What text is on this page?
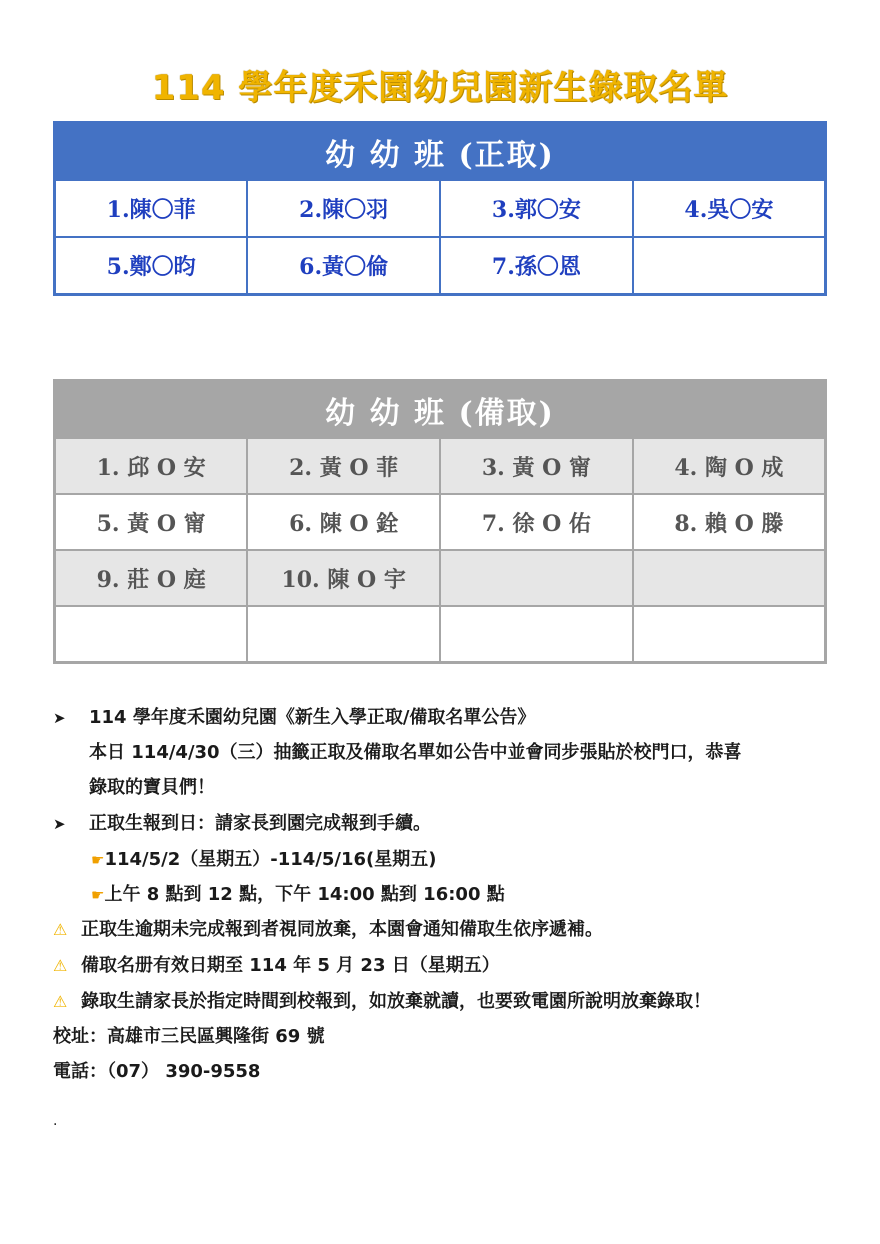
114 學年度禾園幼兒園新生錄取名單
幼 幼 班 (正取)			
1.陳〇菲	2.陳〇羽	3.郭〇安	4.吳〇安
5.鄭〇昀	6.黃〇倫	7.孫〇恩	
幼 幼 班 (備取)			
1. 邱 O 安	2. 黃 O 菲	3. 黃 O 甯	4. 陶 O 成
5. 黃 O 甯	6. 陳 O 銓	7. 徐 O 佑	8. 賴 O 滕
9. 莊 O 庭	10. 陳 O 宇		

➤ 114 學年度禾園幼兒園《新生入學正取/備取名單公告》
本日 114/4/30（三）抽籤正取及備取名單如公告中並會同步張貼於校門口，恭喜
錄取的寶貝們！
➤ 正取生報到日：請家長到園完成報到手續。
☛114/5/2（星期五）-114/5/16(星期五)
☛上午 8 點到 12 點，下午 14:00 點到 16:00 點
⚠ 正取生逾期未完成報到者視同放棄，本園會通知備取生依序遞補。
⚠ 備取名册有效日期至 114 年 5 月 23 日（星期五）
⚠ 錄取生請家長於指定時間到校報到，如放棄就讀，也要致電園所說明放棄錄取！
校址：高雄市三民區興隆街 69 號
電話：（07） 390-9558
.
